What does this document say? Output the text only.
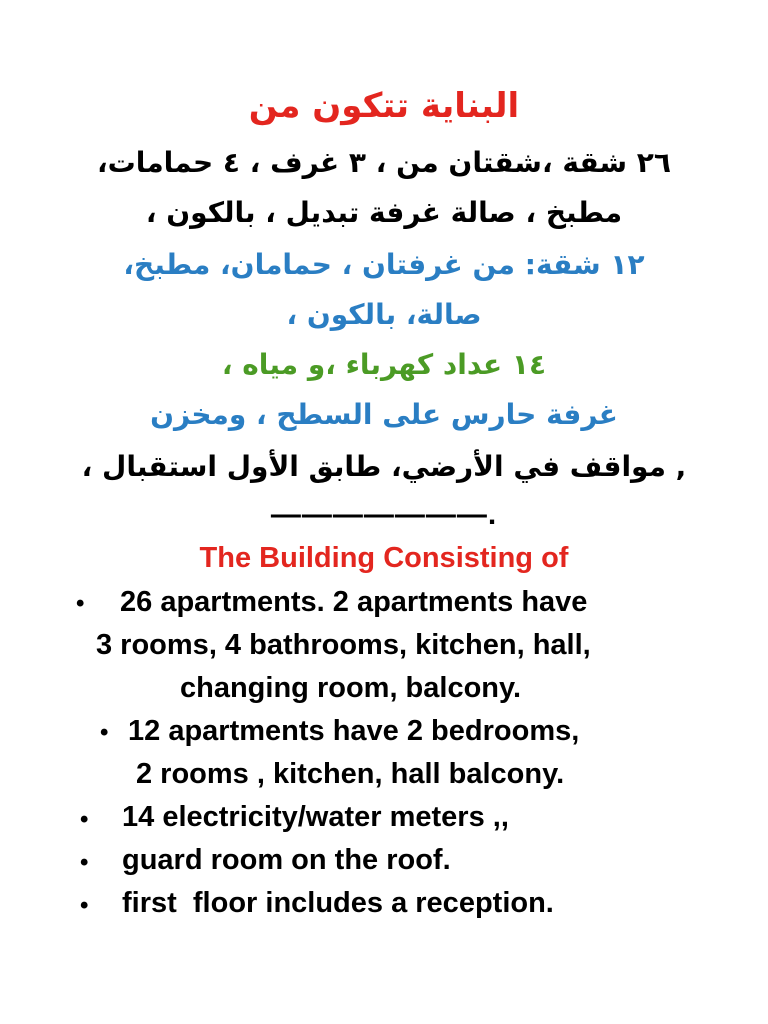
البناية تتكون من
٢٦ شقة ،شقتان من ، ٣ غرف ، ٤ حمامات،
مطبخ ، صالة غرفة تبديل ، بالكون ،
١٢ شقة: من غرفتان ، حمامان، مطبخ،
صالة، بالكون ،
١٤ عداد كهرباء ،و مياه ،
غرفة حارس على السطح ، ومخزن
, مواقف في الأرضي، طابق الأول استقبال ،
———————.
The Building Consisting of
• 26 apartments. 2 apartments have
3 rooms, 4 bathrooms, kitchen, hall,
changing room, balcony.
• 12 apartments have 2 bedrooms,
2 rooms , kitchen, hall balcony.
• 14 electricity/water meters ,,
• guard room on the roof.
• first  floor includes a reception.
